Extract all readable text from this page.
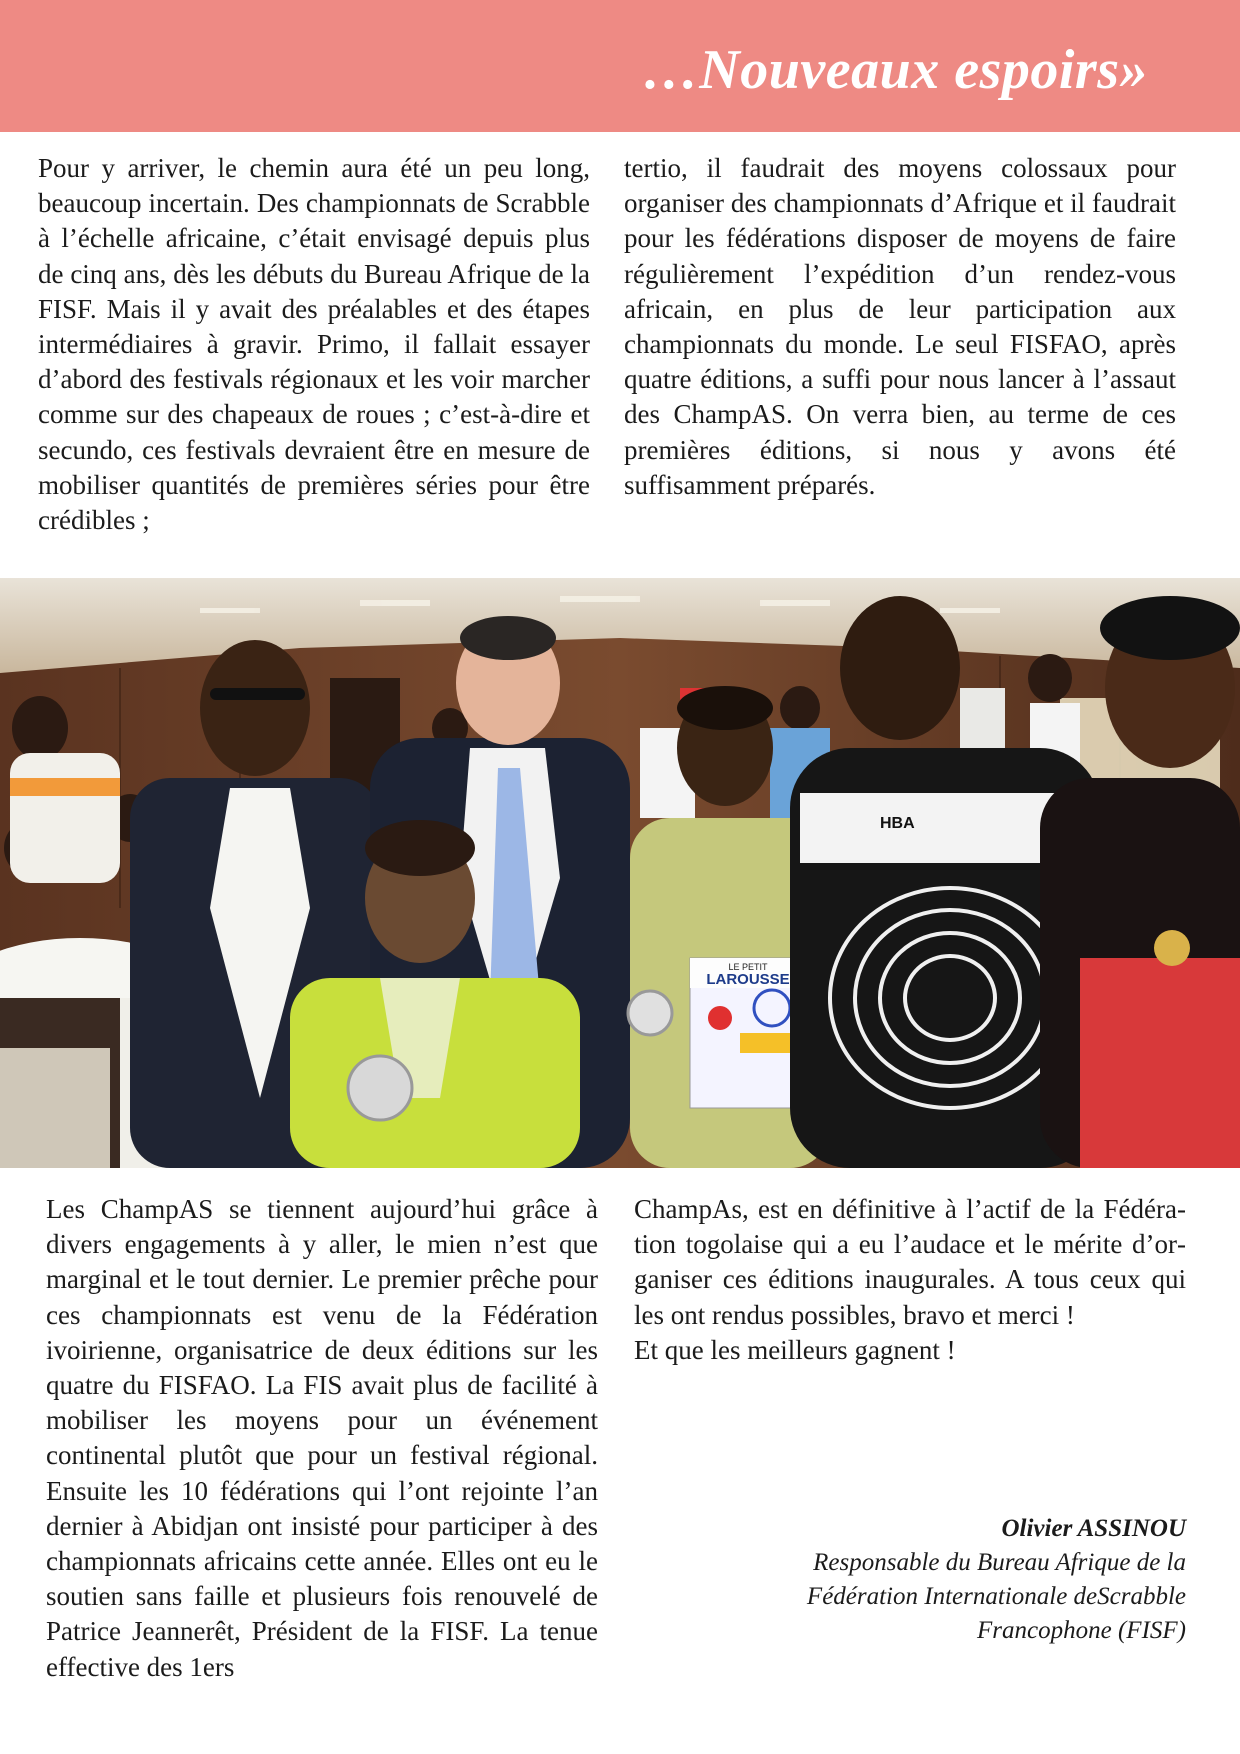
…Nouveaux espoirs»

Pour y arriver, le chemin aura été un peu long, beaucoup incertain. Des championnats de Scrabble à l’échelle africaine, c’était envisagé depuis plus de cinq ans, dès les débuts du Bureau Afrique de la FISF. Mais il y avait des préalables et des étapes intermédiaires à gravir. Primo, il fallait essayer d’abord des festivals régionaux et les voir marcher comme sur des chapeaux de roues ; c’est-à-dire et secundo, ces festivals devraient être en mesure de mobiliser quantités de premières séries pour être crédibles ;

tertio, il faudrait des moyens colossaux pour organiser des championnats d’Afrique et il faudrait pour les fédérations disposer de moyens de faire régulièrement l’expédition d’un rendez-vous africain, en plus de leur participation aux championnats du monde. Le seul FISFAO, après quatre éditions, a suffi pour nous lancer à l’assaut des ChampAS. On verra bien, au terme de ces premières éditions, si nous y avons été suffisamment préparés.

LE PETIT
LAROUSSE
HBA

Les ChampAS se tiennent aujourd’hui grâce à divers engagements à y aller, le mien n’est que marginal et le tout dernier. Le premier prêche pour ces championnats est venu de la Fédération ivoirienne, organisatrice de deux éditions sur les quatre du FISFAO. La FIS avait plus de facilité à mobiliser les moyens pour un événement continental plutôt que pour un festival régional. Ensuite les 10 fédérations qui l’ont rejointe l’an dernier à Abidjan ont insisté pour participer à des championnats africains cette année. Elles ont eu le soutien sans faille et plusieurs fois renouvelé de Patrice Jeannerêt, Président de la FISF. La tenue effective des 1ers

ChampAs, est en définitive à l’actif de la Fédération togolaise qui a eu l’audace et le mérite d’organiser ces éditions inaugurales. A tous ceux qui les ont rendus possibles, bravo et merci !

Et que les meilleurs gagnent !

Olivier ASSINOU
Responsable du Bureau Afrique de la
Fédération Internationale deScrabble
Francophone (FISF)
